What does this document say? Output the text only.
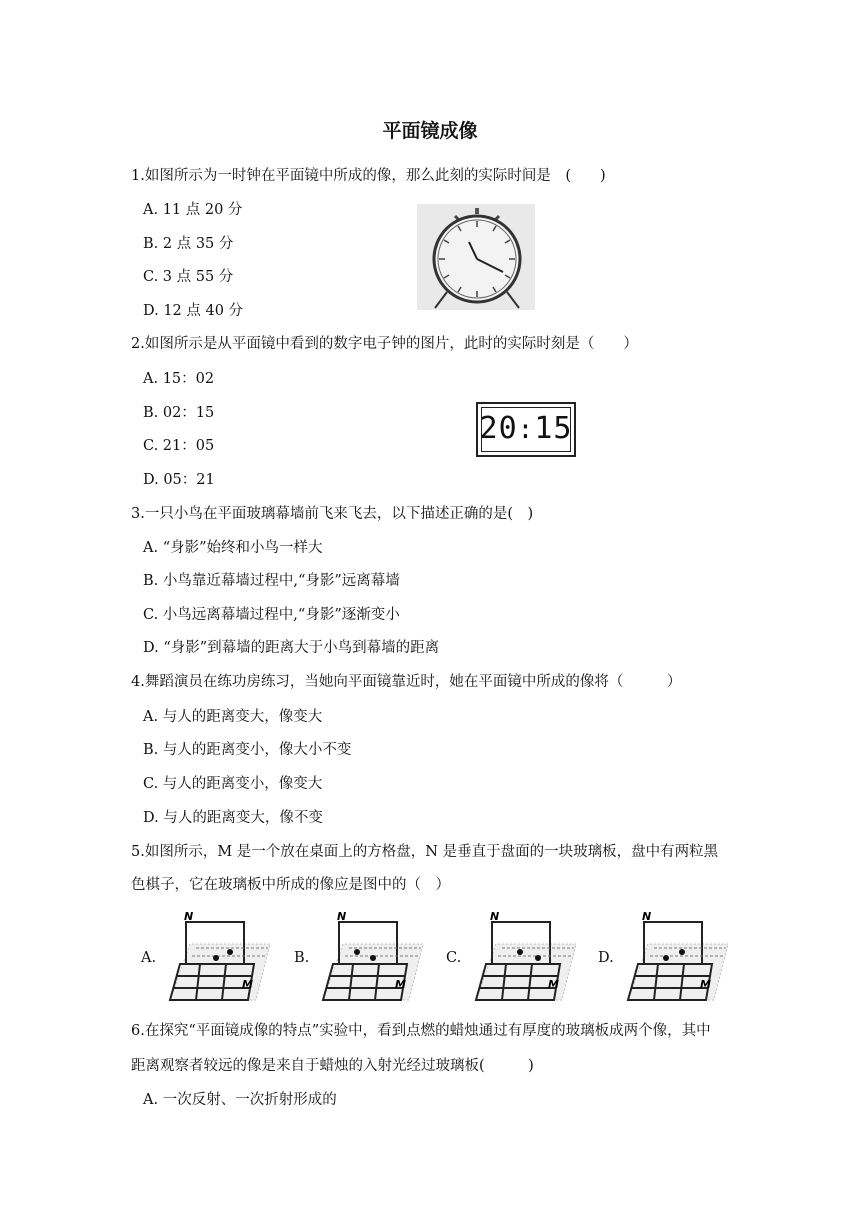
平面镜成像
1.如图所示为一时钟在平面镜中所成的像，那么此刻的实际时间是　(　　)
A. 11 点 20 分
B. 2 点 35 分
C. 3 点 55 分
D. 12 点 40 分
2.如图所示是从平面镜中看到的数字电子钟的图片，此时的实际时刻是（　　）
A. 15：02
B. 02：15
C. 21：05
D. 05：21
20:15
3.一只小鸟在平面玻璃幕墙前飞来飞去，以下描述正确的是(　)
A. “身影”始终和小鸟一样大
B. 小鸟靠近幕墙过程中,“身影”远离幕墙
C. 小鸟远离幕墙过程中,“身影”逐渐变小
D. “身影”到幕墙的距离大于小鸟到幕墙的距离
4.舞蹈演员在练功房练习，当她向平面镜靠近时，她在平面镜中所成的像将（　　　）
A. 与人的距离变大，像变大
B. 与人的距离变小，像大小不变
C. 与人的距离变小，像变大
D. 与人的距离变大，像不变
5.如图所示，M 是一个放在桌面上的方格盘，N 是垂直于盘面的一块玻璃板，盘中有两粒黑
色棋子，它在玻璃板中所成的像应是图中的（　）
A.	B.	C.	D.
N
M
N
M
N
M
N
M
6.在探究“平面镜成像的特点”实验中，看到点燃的蜡烛通过有厚度的玻璃板成两个像，其中
距离观察者较远的像是来自于蜡烛的入射光经过玻璃板(　　　)
A. 一次反射、一次折射形成的
